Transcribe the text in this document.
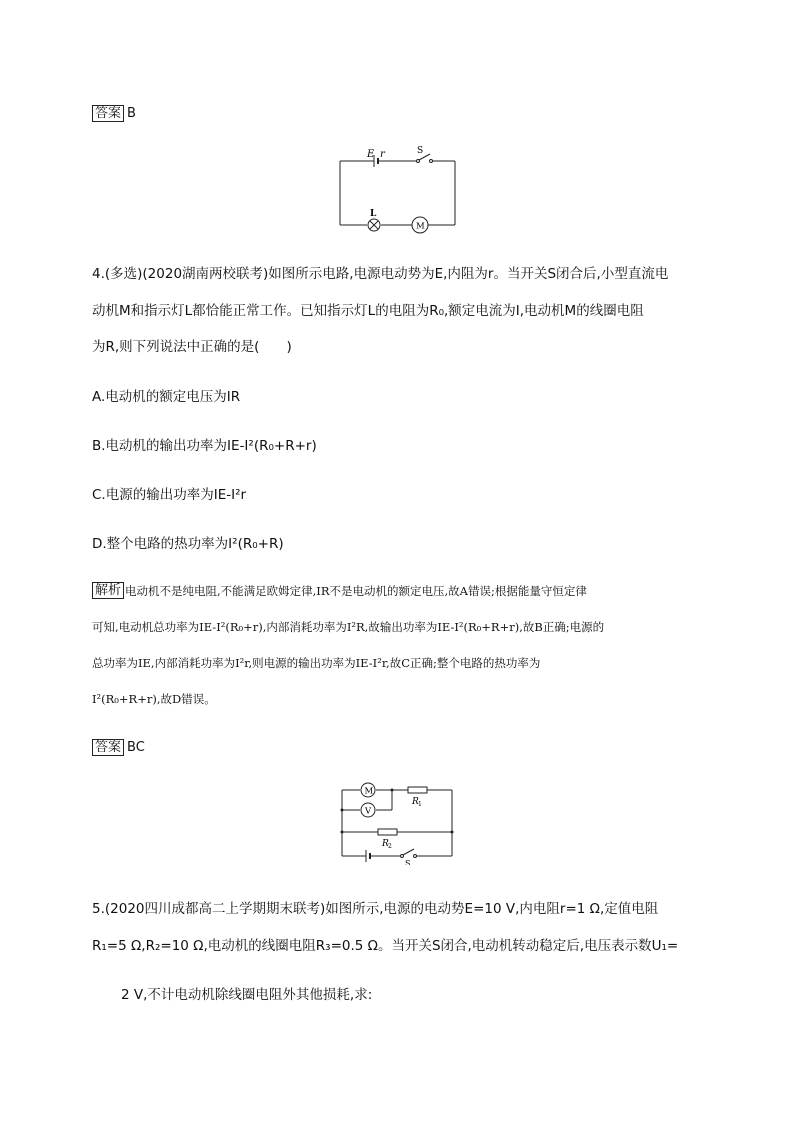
答案 B
E r	S
L
M
4.(多选)(2020湖南两校联考)如图所示电路,电源电动势为E,内阻为r。当开关S闭合后,小型直流电
动机M和指示灯L都恰能正常工作。已知指示灯L的电阻为R₀,额定电流为I,电动机M的线圈电阻
为R,则下列说法中正确的是(　　)
A.电动机的额定电压为IR
B.电动机的输出功率为IE-I²(R₀+R+r)
C.电源的输出功率为IE-I²r
D.整个电路的热功率为I²(R₀+R)
解析 电动机不是纯电阻,不能满足欧姆定律,IR不是电动机的额定电压,故A错误;根据能量守恒定律
可知,电动机总功率为IE-I²(R₀+r),内部消耗功率为I²R,故输出功率为IE-I²(R₀+R+r),故B正确;电源的
总功率为IE,内部消耗功率为I²r,则电源的输出功率为IE-I²r,故C正确;整个电路的热功率为
I²(R₀+R+r),故D错误。
答案 BC
M
V
R 1
R 2
S
5.(2020四川成都高二上学期期末联考)如图所示,电源的电动势E=10 V,内电阻r=1 Ω,定值电阻
R₁=5 Ω,R₂=10 Ω,电动机的线圈电阻R₃=0.5 Ω。当开关S闭合,电动机转动稳定后,电压表示数U₁=
2 V,不计电动机除线圈电阻外其他损耗,求:
